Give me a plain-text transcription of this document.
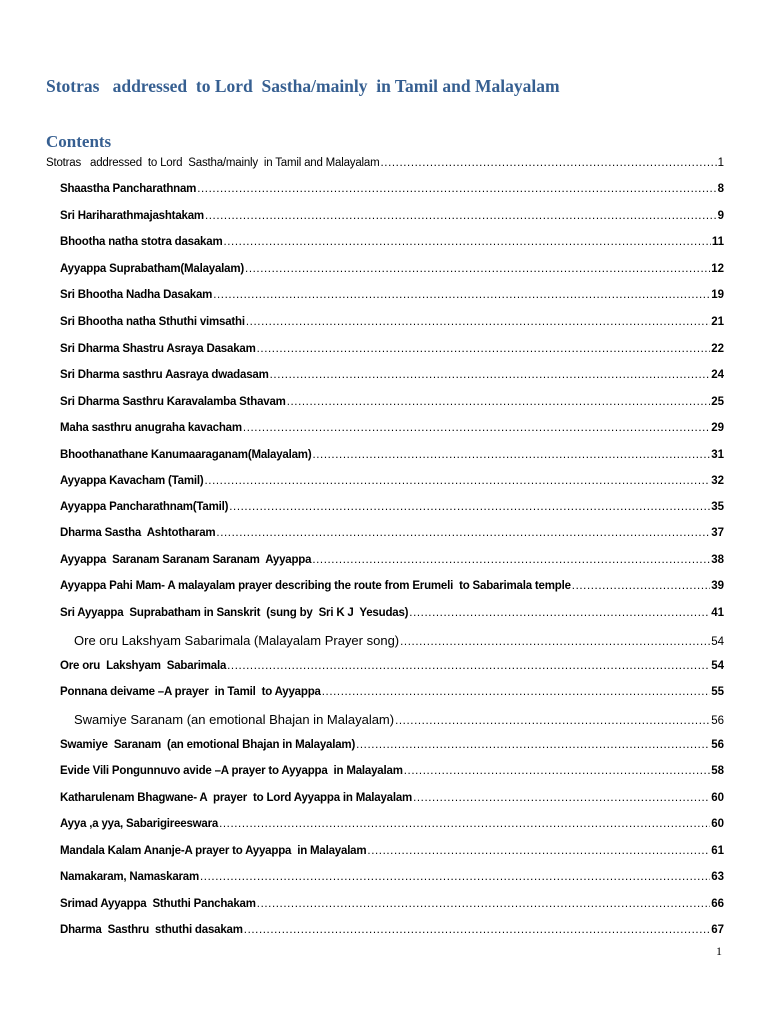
Stotras   addressed  to Lord  Sastha/mainly  in Tamil and Malayalam
Contents
Stotras   addressed  to Lord  Sastha/mainly  in Tamil and Malayalam .....	1
Shaastha Pancharathnam .....	8
Sri Hariharathmajashtakam .....	9
Bhootha natha stotra dasakam .....	11
Ayyappa Suprabatham(Malayalam) .....	12
Sri Bhootha Nadha Dasakam .....	19
Sri Bhootha natha Sthuthi vimsathi .....	21
Sri Dharma Shastru Asraya Dasakam .....	22
Sri Dharma sasthru Aasraya dwadasam .....	24
Sri Dharma Sasthru Karavalamba Sthavam .....	25
Maha sasthru anugraha kavacham .....	29
Bhoothanathane Kanumaaraganam(Malayalam) .....	31
Ayyappa Kavacham (Tamil) .....	32
Ayyappa Pancharathnam(Tamil) .....	35
Dharma Sastha  Ashtotharam .....	37
Ayyappa  Saranam Saranam Saranam  Ayyappa .....	38
Ayyappa Pahi Mam- A malayalam prayer describing the route from Erumeli  to Sabarimala temple .....	39
Sri Ayyappa  Suprabatham in Sanskrit  (sung by  Sri K J  Yesudas) .....	41
Ore oru Lakshyam Sabarimala (Malayalam Prayer song) .....	54
Ore oru  Lakshyam  Sabarimala .....	54
Ponnana deivame –A prayer  in Tamil  to Ayyappa .....	55
Swamiye Saranam (an emotional Bhajan in Malayalam) .....	56
Swamiye  Saranam  (an emotional Bhajan in Malayalam) .....	56
Evide Vili Pongunnuvo avide –A prayer to Ayyappa  in Malayalam .....	58
Katharulenam Bhagwane- A  prayer  to Lord Ayyappa in Malayalam .....	60
Ayya ,a yya, Sabarigireeswara .....	60
Mandala Kalam Ananje-A prayer to Ayyappa  in Malayalam .....	61
Namakaram, Namaskaram .....	63
Srimad Ayyappa  Sthuthi Panchakam .....	66
Dharma  Sasthru  sthuthi dasakam .....	67
1
